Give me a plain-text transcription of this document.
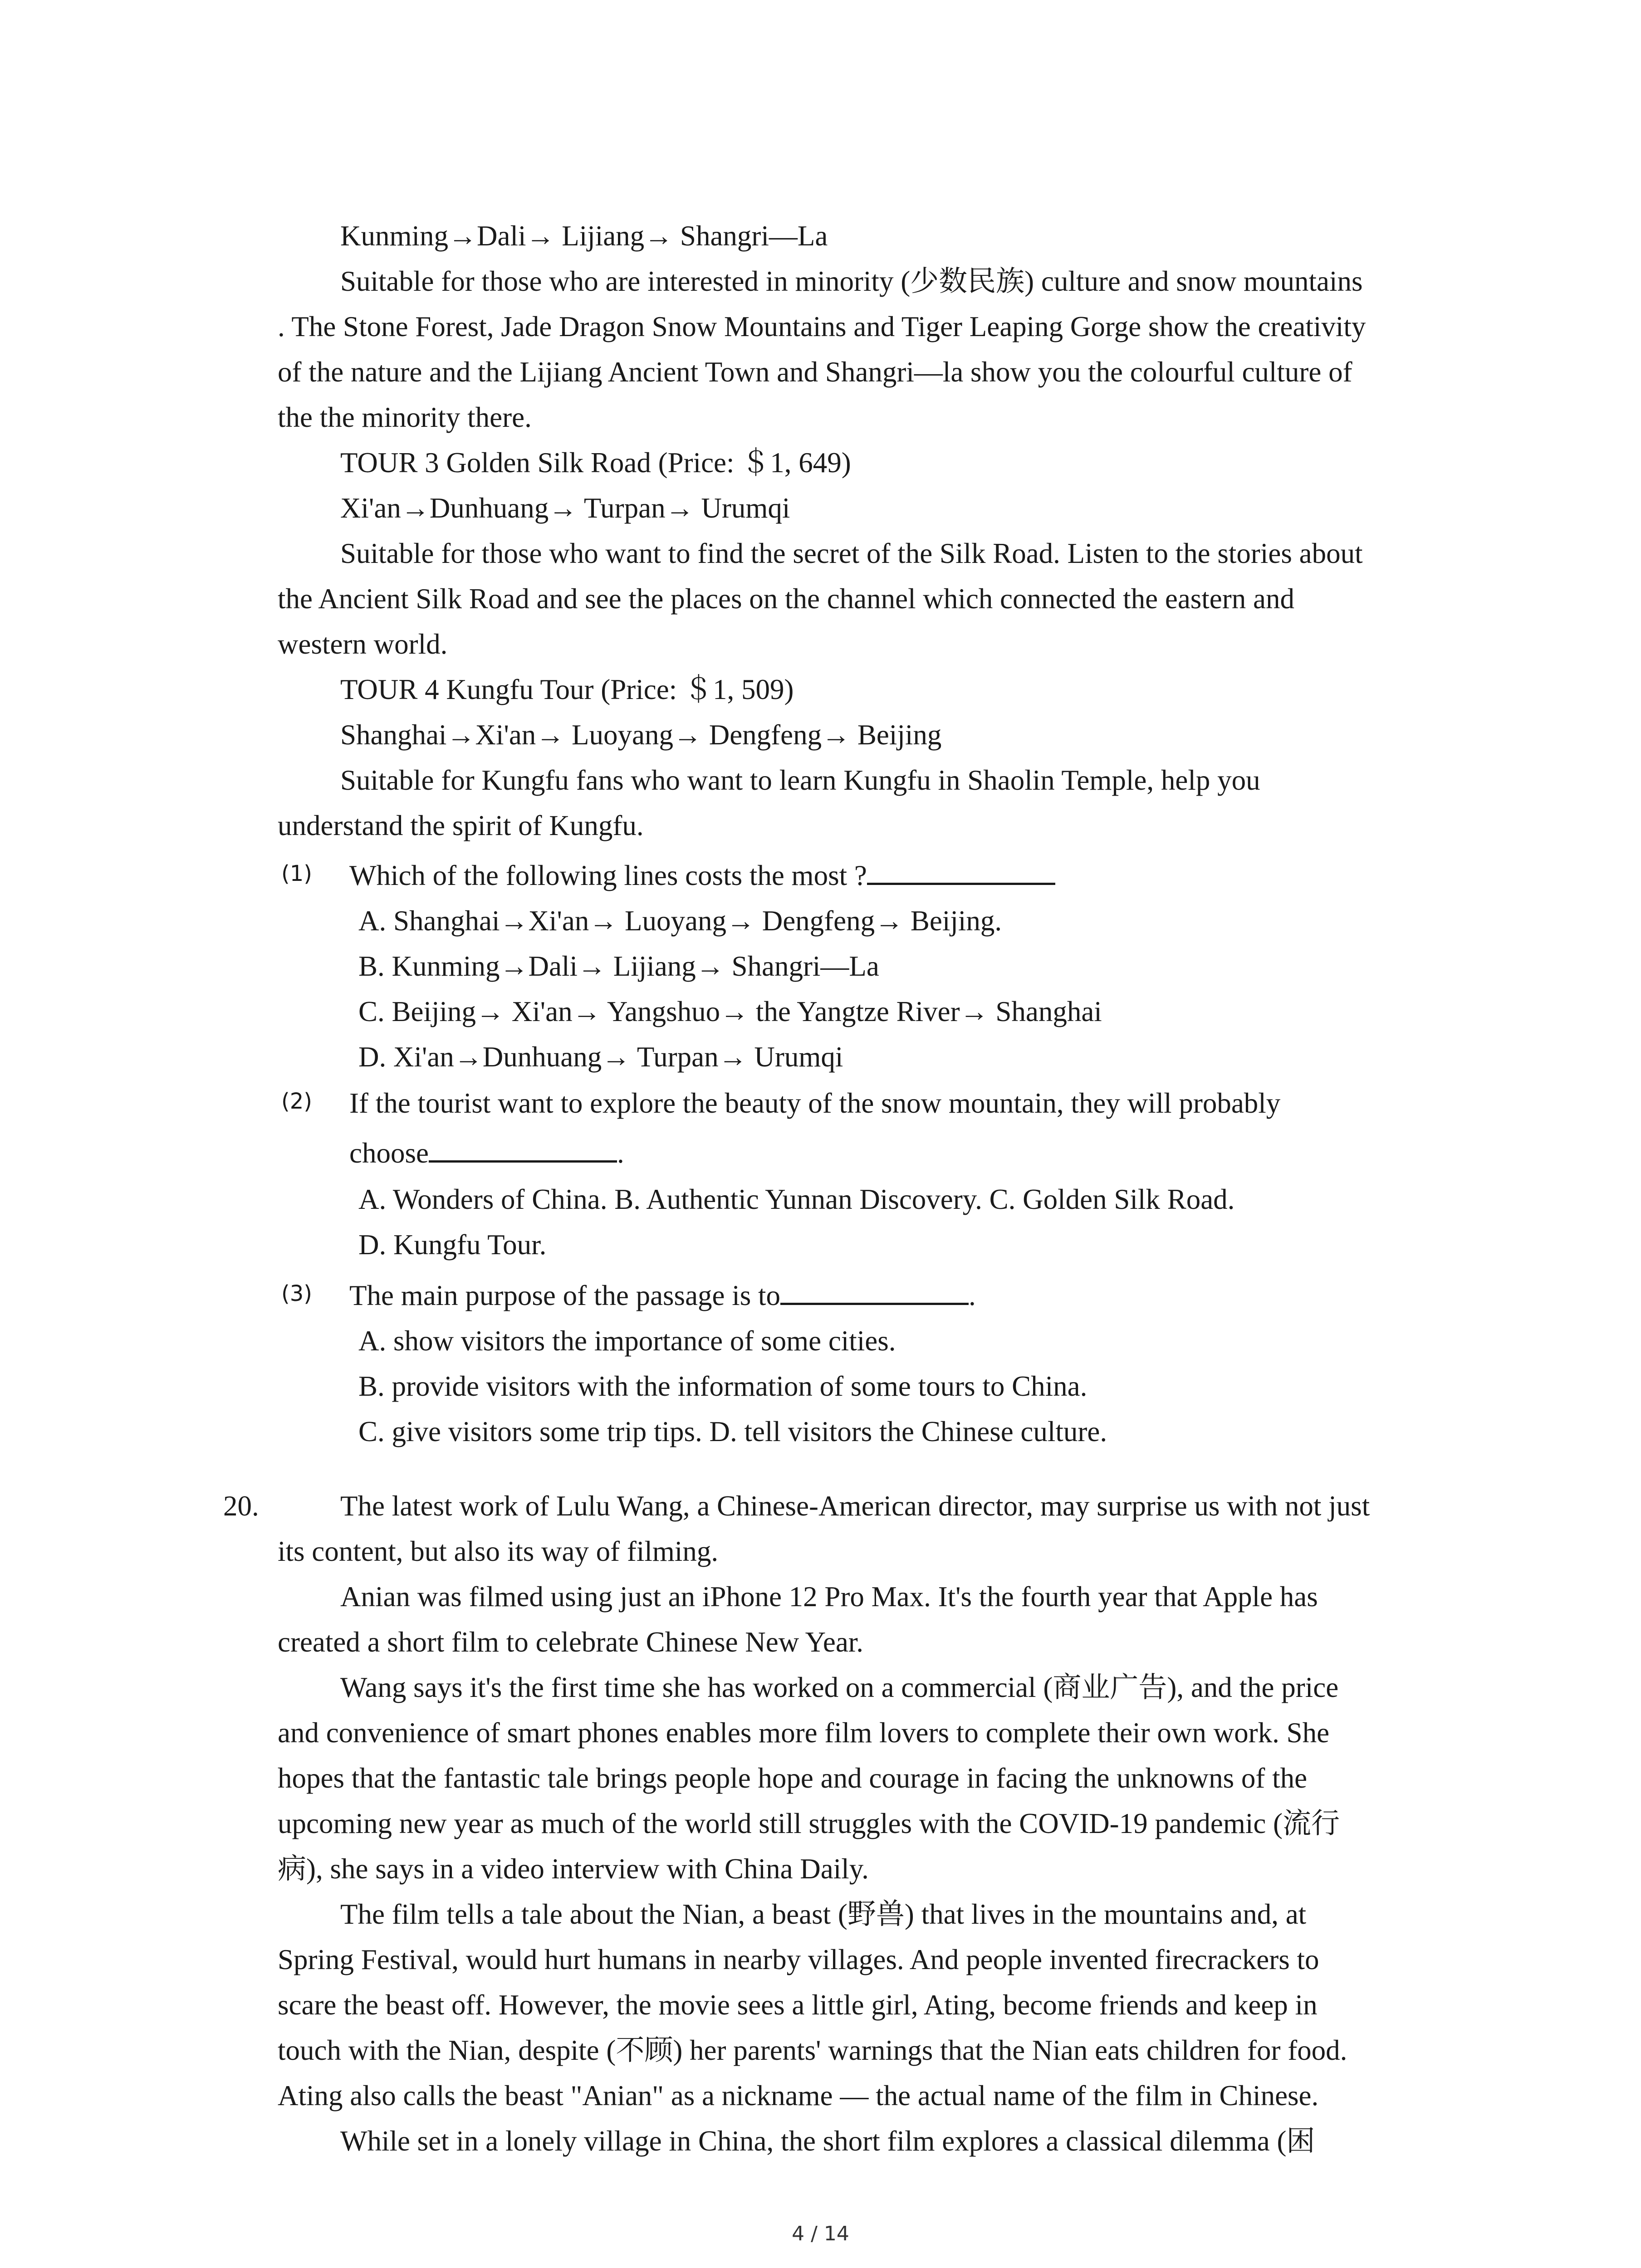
Kunming→Dali→ Lijiang→ Shangri—La
Suitable for those who are interested in minority (少数民族) culture and snow mountains
. The Stone Forest, Jade Dragon Snow Mountains and Tiger Leaping Gorge show the creativity
of the nature and the Lijiang Ancient Town and Shangri—la show you the colourful culture of
the the minority there.
TOUR 3 Golden Silk Road (Price: ＄1, 649)
Xi'an→Dunhuang→ Turpan→ Urumqi
Suitable for those who want to find the secret of the Silk Road. Listen to the stories about
the Ancient Silk Road and see the places on the channel which connected the eastern and
western world.
TOUR 4 Kungfu Tour (Price: ＄1, 509)
Shanghai→Xi'an→ Luoyang→ Dengfeng→ Beijing
Suitable for Kungfu fans who want to learn Kungfu in Shaolin Temple, help you
understand the spirit of Kungfu.
(1) Which of the following lines costs the most ?
A. Shanghai→Xi'an→ Luoyang→ Dengfeng→ Beijing.
B. Kunming→Dali→ Lijiang→ Shangri—La
C. Beijing→ Xi'an→ Yangshuo→ the Yangtze River→ Shanghai
D. Xi'an→Dunhuang→ Turpan→ Urumqi
(2) If the tourist want to explore the beauty of the snow mountain, they will probably
choose	.
A. Wonders of China. B. Authentic Yunnan Discovery. C. Golden Silk Road.
D. Kungfu Tour.
(3) The main purpose of the passage is to	.
A. show visitors the importance of some cities.
B. provide visitors with the information of some tours to China.
C. give visitors some trip tips. D. tell visitors the Chinese culture.
20.	The latest work of Lulu Wang, a Chinese-American director, may surprise us with not just
its content, but also its way of filming.
Anian was filmed using just an iPhone 12 Pro Max. It's the fourth year that Apple has
created a short film to celebrate Chinese New Year.
Wang says it's the first time she has worked on a commercial (商业广告), and the price
and convenience of smart phones enables more film lovers to complete their own work. She
hopes that the fantastic tale brings people hope and courage in facing the unknowns of the
upcoming new year as much of the world still struggles with the COVID-19 pandemic (流行
病), she says in a video interview with China Daily.
The film tells a tale about the Nian, a beast (野兽) that lives in the mountains and, at
Spring Festival, would hurt humans in nearby villages. And people invented firecrackers to
scare the beast off. However, the movie sees a little girl, Ating, become friends and keep in
touch with the Nian, despite (不顾) her parents' warnings that the Nian eats children for food.
Ating also calls the beast "Anian" as a nickname — the actual name of the film in Chinese.
While set in a lonely village in China, the short film explores a classical dilemma (困
4 / 14
